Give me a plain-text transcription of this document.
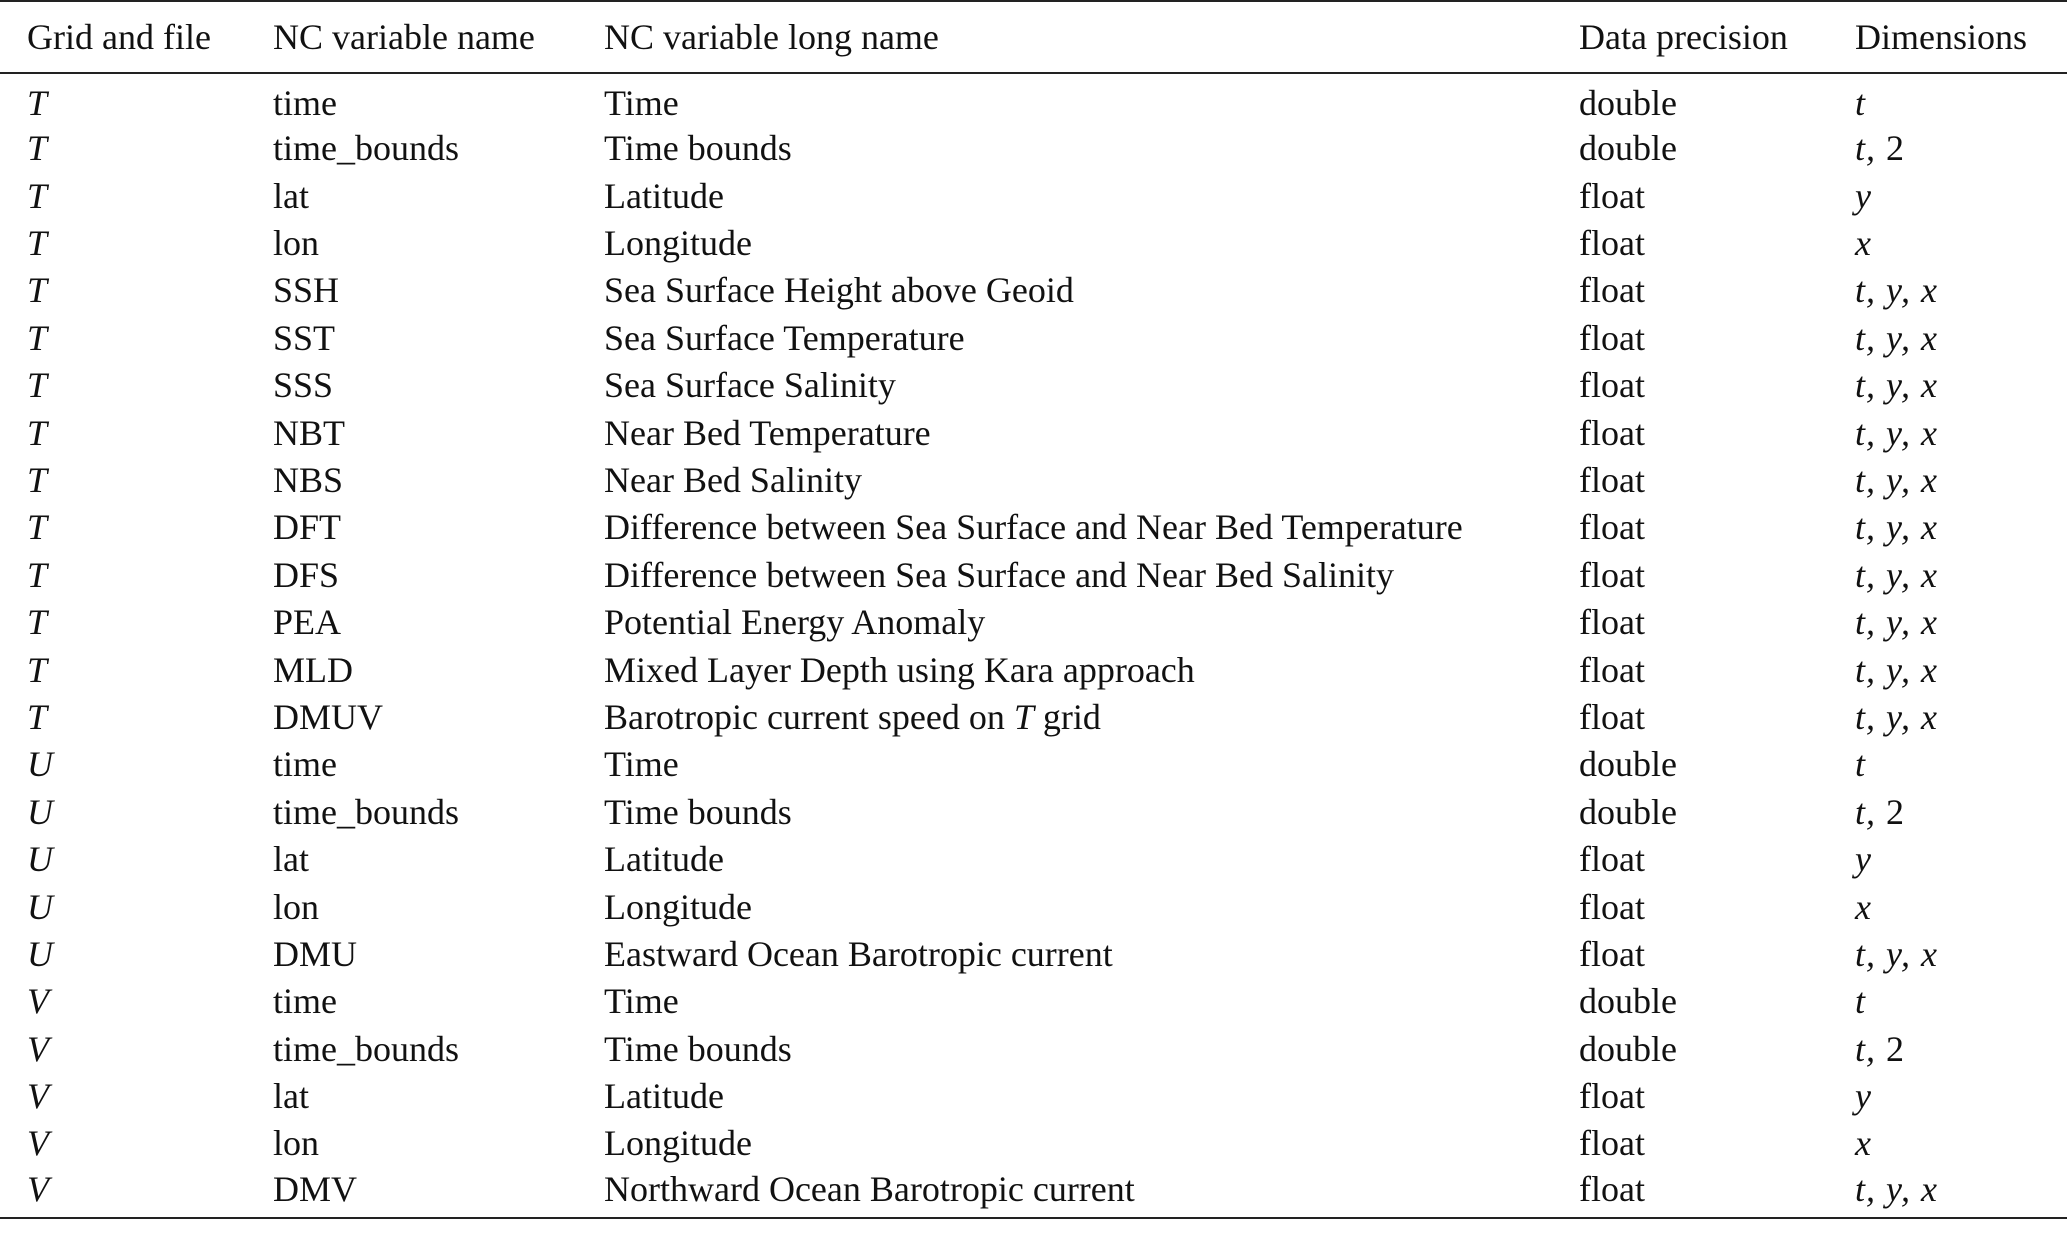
Grid and file	NC variable name	NC variable long name	Data precision	Dimensions
T	time	Time	double	t
T	time_bounds	Time bounds	double	t, 2
T	lat	Latitude	float	y
T	lon	Longitude	float	x
T	SSH	Sea Surface Height above Geoid	float	t, y, x
T	SST	Sea Surface Temperature	float	t, y, x
T	SSS	Sea Surface Salinity	float	t, y, x
T	NBT	Near Bed Temperature	float	t, y, x
T	NBS	Near Bed Salinity	float	t, y, x
T	DFT	Difference between Sea Surface and Near Bed Temperature	float	t, y, x
T	DFS	Difference between Sea Surface and Near Bed Salinity	float	t, y, x
T	PEA	Potential Energy Anomaly	float	t, y, x
T	MLD	Mixed Layer Depth using Kara approach	float	t, y, x
T	DMUV	Barotropic current speed on T grid	float	t, y, x
U	time	Time	double	t
U	time_bounds	Time bounds	double	t, 2
U	lat	Latitude	float	y
U	lon	Longitude	float	x
U	DMU	Eastward Ocean Barotropic current	float	t, y, x
V	time	Time	double	t
V	time_bounds	Time bounds	double	t, 2
V	lat	Latitude	float	y
V	lon	Longitude	float	x
V	DMV	Northward Ocean Barotropic current	float	t, y, x
